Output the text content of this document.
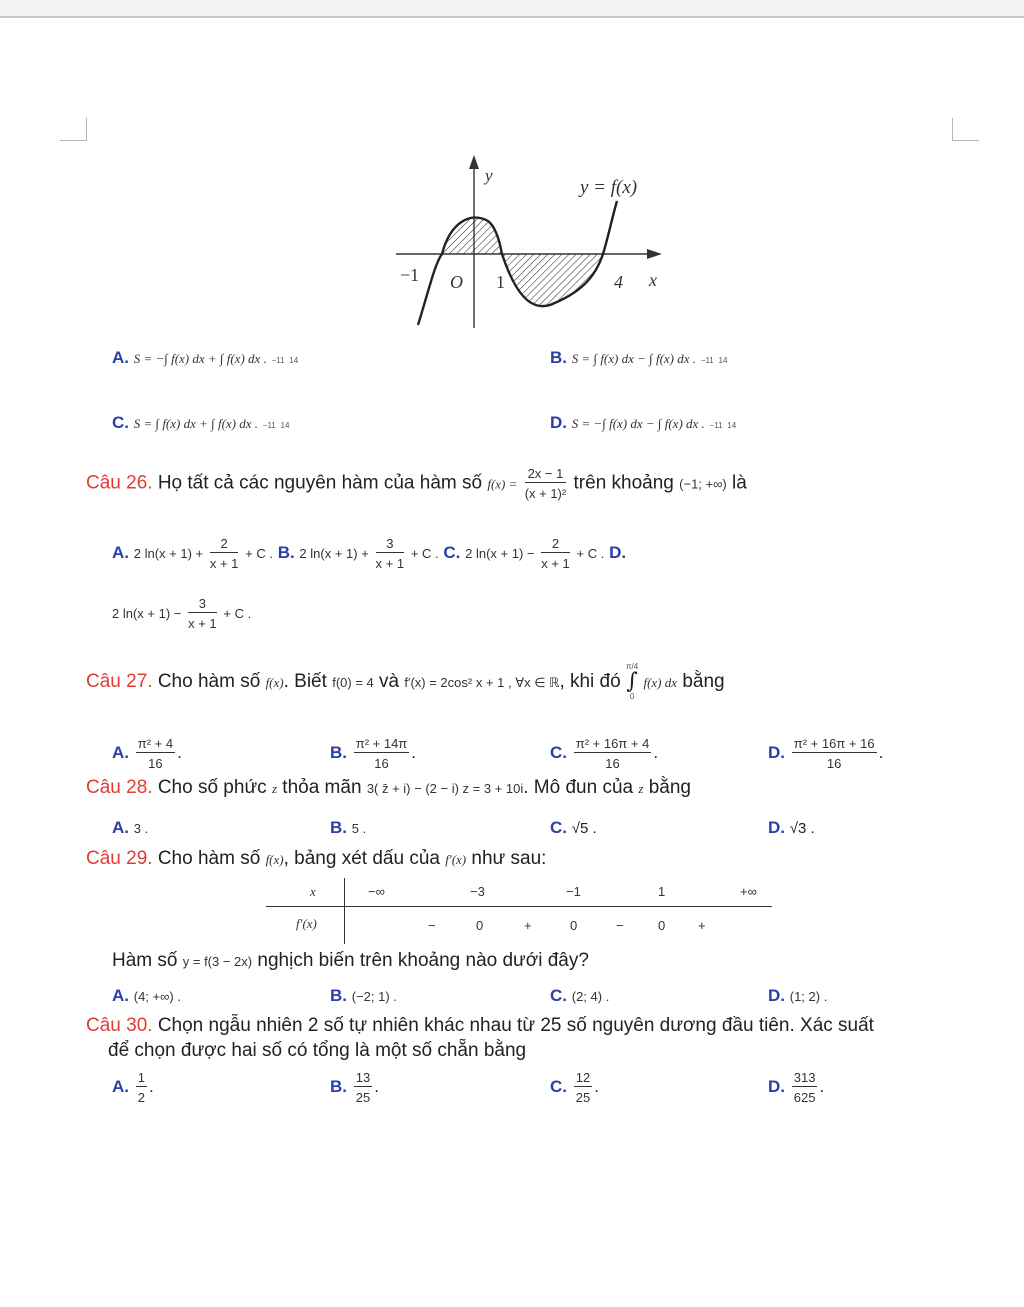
y
y = f(x)
−1 O 1	4 x
A. S = −∫ f(x) dx + ∫ f(x) dx . −11 14	B. S = ∫ f(x) dx − ∫ f(x) dx . −11 14
C. S = ∫ f(x) dx + ∫ f(x) dx . −11 14	D. S = −∫ f(x) dx − ∫ f(x) dx . −11 14
Câu 26. Họ tất cả các nguyên hàm của hàm số $f(x) = \frac{2x - 1}{\text{(x + 1)²}}$ trên khoảng (−1; +∞) là
A. 2 $\ln(x + 1) + \frac{2}{x + 1} + C$ . B. 2 $\ln(x + 1) + \frac{3}{x + 1} + C$ . C. 2 $\ln(x + 1) - \frac{2}{x + 1} + C$ . D.
2 $\ln(x + 1) - \frac{3}{x + 1} + C$ .
Câu 27. Cho hàm số f(x). Biết f(0) = 4 và f′(x) = 2cos² x + 1 , ∀x ∈ ℝ, khi đó
π/4
∫
0
f(x) dx bằng
A. $\frac{\text{π² + 4}}{16}$ .	B. $\frac{\text{π² + 14π}}{16}$ .	C. $\frac{\text{π² + 16π + 4}}{16}$ .	D. $\frac{\text{π² + 16π + 16}}{16}$ .
Câu 28. Cho số phức z thỏa mãn 3( z̄ + i) − (2 − i) z = 3 + 10i. Mô đun của z bằng
A. 3 .	B. 5 .	C. √5 .	D. √3 .
Câu 29. Cho hàm số f(x), bảng xét dấu của f′(x) như sau:
x
f′(x)
−∞	−3	−1	1	+∞
−	0	+	0	−	0	+
Hàm số y = f(3 − 2x) nghịch biến trên khoảng nào dưới đây?
A. (4; +∞) .	B. (−2; 1) .	C. (2; 4) .	D. (1; 2) .
Câu 30. Chọn ngẫu nhiên 2 số tự nhiên khác nhau từ 25 số nguyên dương đầu tiên. Xác suất
để chọn được hai số có tổng là một số chẵn bằng
A. $\frac{1}{2}$ .	B. $\frac{13}{25}$ .	C. $\frac{12}{25}$ .	D. $\frac{313}{625}$ .
